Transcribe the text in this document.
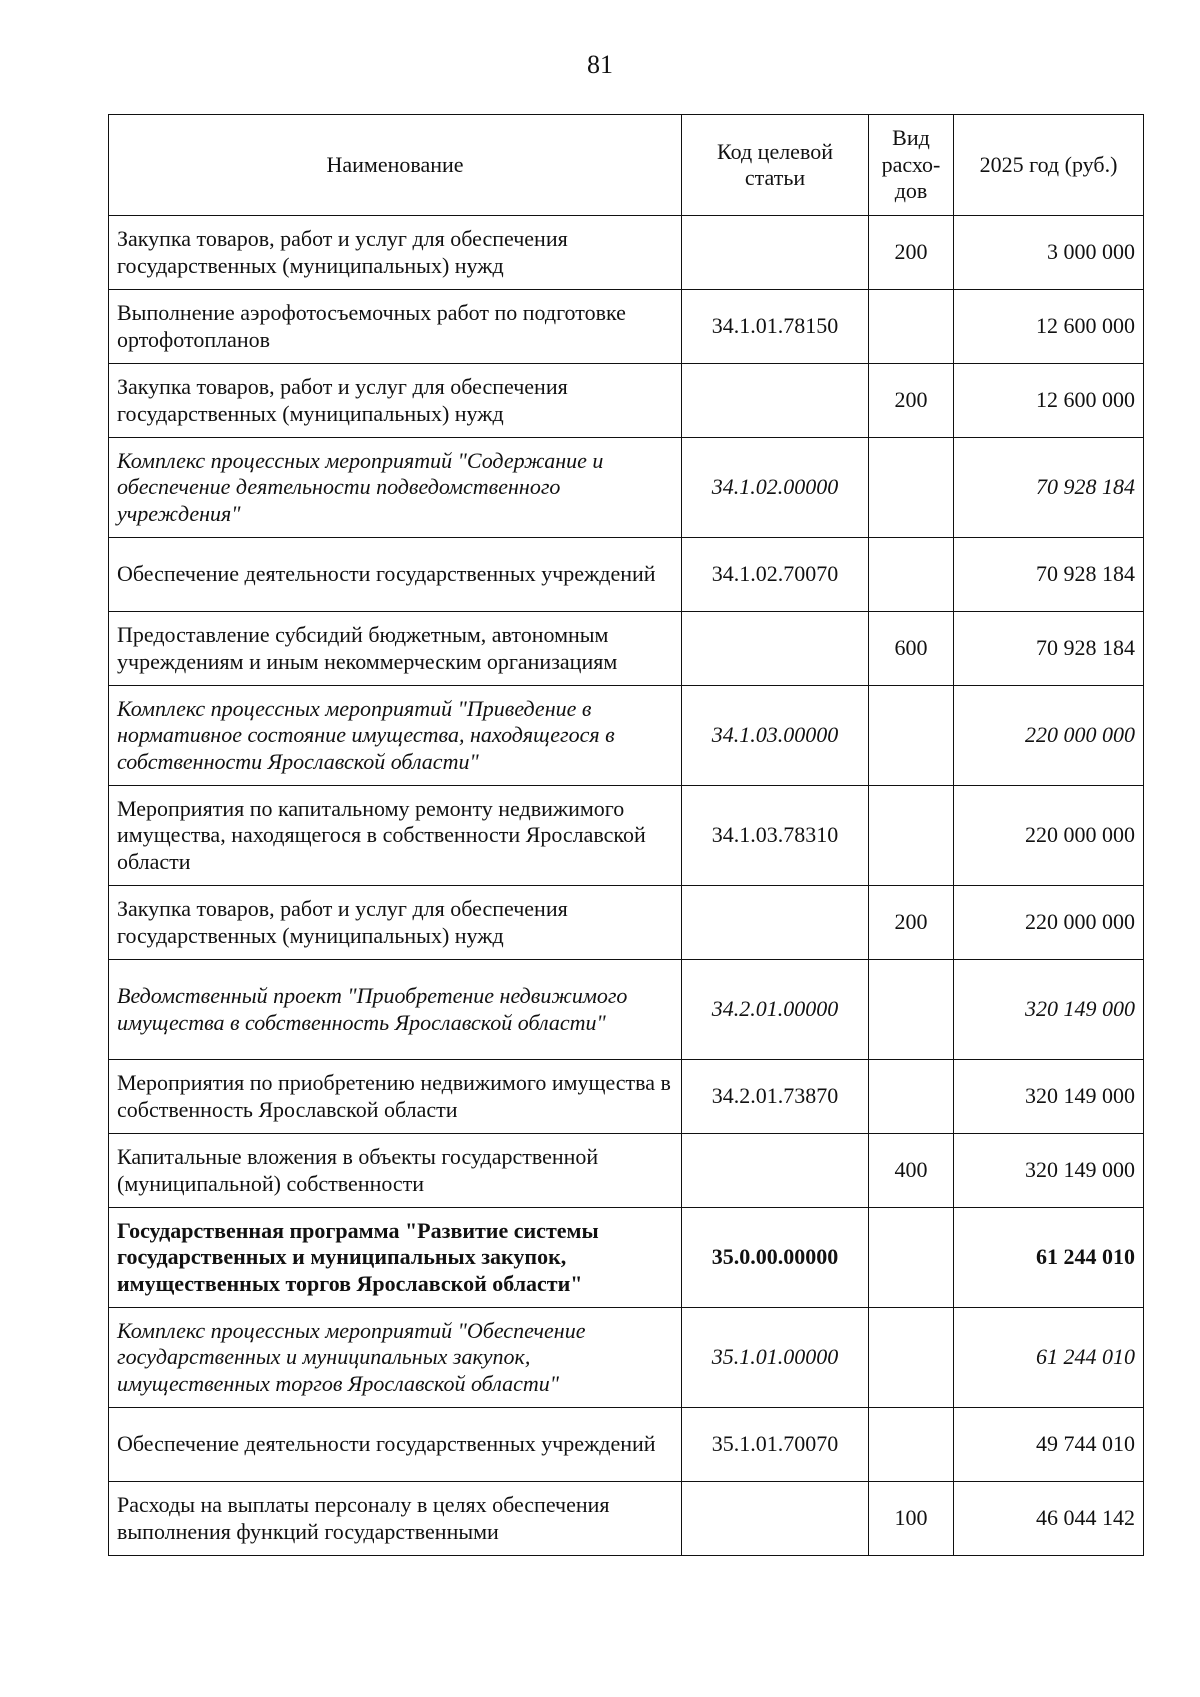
81
Наименование	Код целевой статьи	Вид расхо-дов	2025 год (руб.)
Закупка товаров, работ и услуг для обеспечения государственных (муниципальных) нужд		200	3 000 000
Выполнение аэрофотосъемочных работ по подготовке ортофотопланов	34.1.01.78150		12 600 000
Закупка товаров, работ и услуг для обеспечения государственных (муниципальных) нужд		200	12 600 000
Комплекс процессных мероприятий "Содержание и обеспечение деятельности подведомственного учреждения"	34.1.02.00000		70 928 184
Обеспечение деятельности государственных учреждений	34.1.02.70070		70 928 184
Предоставление субсидий бюджетным, автономным учреждениям и иным некоммерческим организациям		600	70 928 184
Комплекс процессных мероприятий "Приведение в нормативное состояние имущества, находящегося в собственности Ярославской области"	34.1.03.00000		220 000 000
Мероприятия по капитальному ремонту недвижимого имущества, находящегося в собственности Ярославской области	34.1.03.78310		220 000 000
Закупка товаров, работ и услуг для обеспечения государственных (муниципальных) нужд		200	220 000 000
Ведомственный проект "Приобретение недвижимого имущества в собственность Ярославской области"	34.2.01.00000		320 149 000
Мероприятия по приобретению недвижимого имущества в собственность Ярославской области	34.2.01.73870		320 149 000
Капитальные вложения в объекты государственной (муниципальной) собственности		400	320 149 000
Государственная программа "Развитие системы государственных и муниципальных закупок, имущественных торгов Ярославской области"	35.0.00.00000		61 244 010
Комплекс процессных мероприятий "Обеспечение государственных и муниципальных закупок, имущественных торгов Ярославской области"	35.1.01.00000		61 244 010
Обеспечение деятельности государственных учреждений	35.1.01.70070		49 744 010
Расходы на выплаты персоналу в целях обеспечения выполнения функций государственными		100	46 044 142
